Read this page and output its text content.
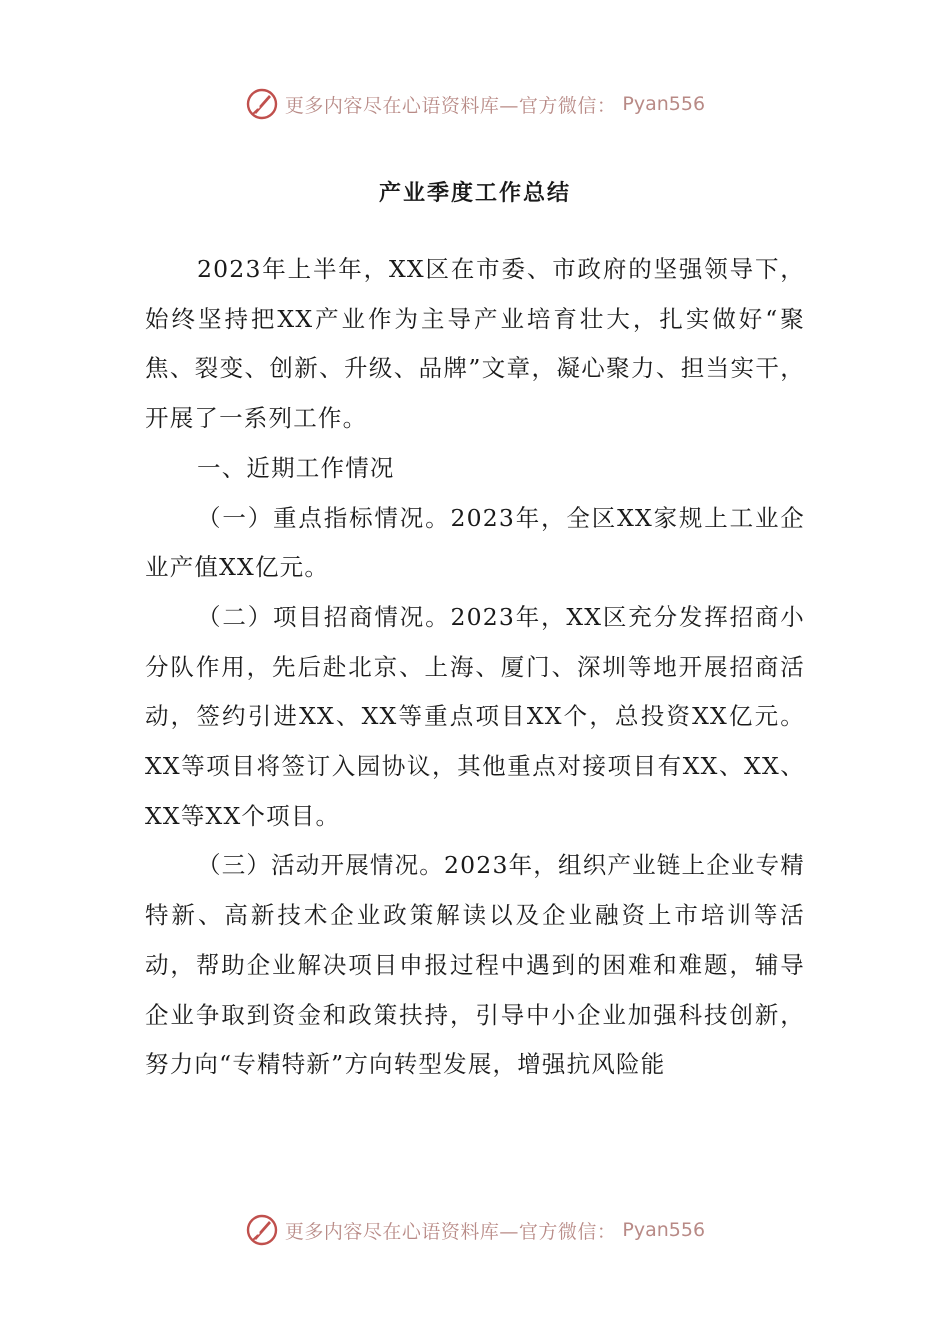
更多内容尽在心语资料库—官方微信： Pyan556
产业季度工作总结

2023年上半年，XX区在市委、市政府的坚强领导下，始终坚持把XX产业作为主导产业培育壮大，扎实做好“聚焦、裂变、创新、升级、品牌”文章，凝心聚力、担当实干，开展了一系列工作。

一、近期工作情况

（一）重点指标情况。2023年，全区XX家规上工业企业产值XX亿元。

（二）项目招商情况。2023年，XX区充分发挥招商小分队作用，先后赴北京、上海、厦门、深圳等地开展招商活动，签约引进XX、XX等重点项目XX个，总投资XX亿元。XX等项目将签订入园协议，其他重点对接项目有XX、XX、XX等XX个项目。

（三）活动开展情况。2023年，组织产业链上企业专精特新、高新技术企业政策解读以及企业融资上市培训等活动，帮助企业解决项目申报过程中遇到的困难和难题，辅导企业争取到资金和政策扶持，引导中小企业加强科技创新，努力向“专精特新”方向转型发展，增强抗风险能

更多内容尽在心语资料库—官方微信： Pyan556
